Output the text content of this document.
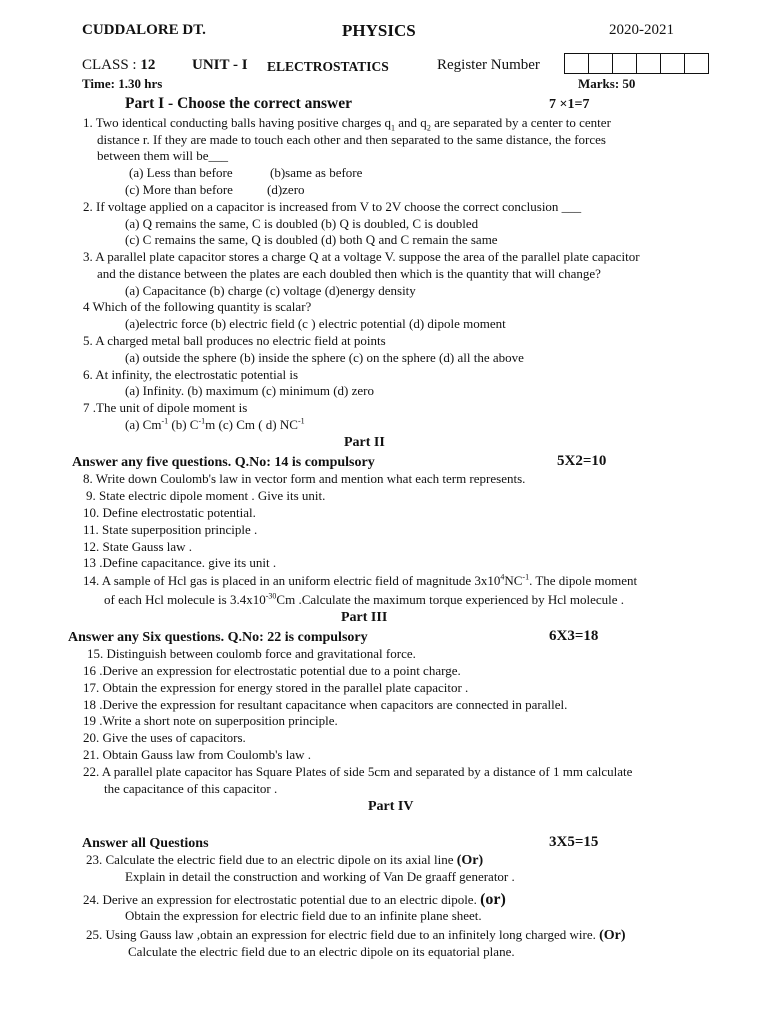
CUDDALORE DT.	PHYSICS	2020-2021
CLASS : 12 UNIT - I ELECTROSTATICS	Register Number
Time: 1.30 hrs	Marks: 50
Part I - Choose the correct answer	7 ×1=7
1. Two identical conducting balls having positive charges $q_1$ and $q_2$ are separated by a center to center
distance r. If they are made to touch each other and then separated to the same distance, the forces
between them will be___
(a) Less than before	(b)same as before
(c) More than before	(d)zero
2. If voltage applied on a capacitor is increased from V to 2V choose the correct conclusion ___
(a) Q remains the same, C is doubled (b) Q is doubled, C is doubled
(c) C remains the same, Q is doubled (d) both Q and C remain the same
3. A parallel plate capacitor stores a charge Q at a voltage V. suppose the area of the parallel plate capacitor
and the distance between the plates are each doubled then which is the quantity that will change?
(a) Capacitance (b) charge (c) voltage (d)energy density
4 Which of the following quantity is scalar?
(a)electric force (b) electric field (c ) electric potential (d) dipole moment
5. A charged metal ball produces no electric field at points
(a) outside the sphere (b) inside the sphere (c) on the sphere (d) all the above
6. At infinity, the electrostatic potential is
(a) Infinity. (b) maximum (c) minimum (d) zero
7 .The unit of dipole moment is
(a) $Cm^{-1}$ (b) $C^{-1}m$ (c) Cm ( d) $NC^{-1}$
Part II
Answer any five questions. Q.No: 14 is compulsory	5X2=10
8. Write down Coulomb's law in vector form and mention what each term represents.
9. State electric dipole moment . Give its unit.
10. Define electrostatic potential.
11. State superposition principle .
12. State Gauss law .
13 .Define capacitance. give its unit .
14. A sample of Hcl gas is placed in an uniform electric field of magnitude $3x10^4NC^{-1}$. The dipole moment
of each Hcl molecule is $3.4x10^{-30}Cm$ .Calculate the maximum torque experienced by Hcl molecule .
Part III
Answer any Six questions. Q.No: 22 is compulsory	6X3=18
15. Distinguish between coulomb force and gravitational force.
16 .Derive an expression for electrostatic potential due to a point charge.
17. Obtain the expression for energy stored in the parallel plate capacitor .
18 .Derive the expression for resultant capacitance when capacitors are connected in parallel.
19 .Write a short note on superposition principle.
20. Give the uses of capacitors.
21. Obtain Gauss law from Coulomb's law .
22. A parallel plate capacitor has Square Plates of side 5cm and separated by a distance of 1 mm calculate
the capacitance of this capacitor .
Part IV
Answer all Questions	3X5=15
23. Calculate the electric field due to an electric dipole on its axial line (Or)
Explain in detail the construction and working of Van De graaff generator .
24. Derive an expression for electrostatic potential due to an electric dipole. (or)
Obtain the expression for electric field due to an infinite plane sheet.
25. Using Gauss law ,obtain an expression for electric field due to an infinitely long charged wire. (Or)
Calculate the electric field due to an electric dipole on its equatorial plane.
